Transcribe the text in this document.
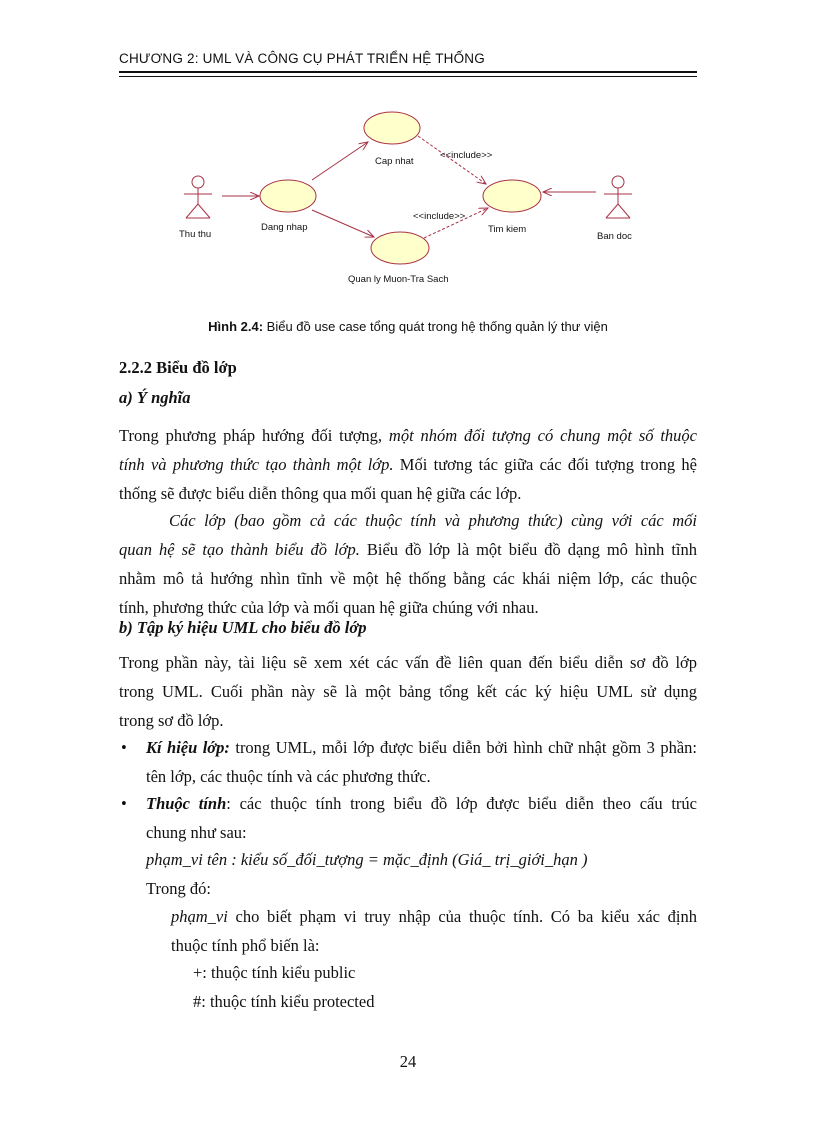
CHƯƠNG 2: UML VÀ CÔNG CỤ PHÁT TRIỂN HỆ THỐNG
Thu thu	Ban doc
Dang nhap
Cap nhat
Tim kiem
Quan ly Muon-Tra Sach
<<include>>
<<include>>
Hình 2.4: Biểu đồ use case tổng quát trong hệ thống quản lý thư viện
2.2.2 Biểu đồ lớp
a) Ý nghĩa
Trong phương pháp hướng đối tượng, một nhóm đối tượng có chung một số thuộc
tính và phương thức tạo thành một lớp. Mối tương tác giữa các đối tượng trong hệ
thống sẽ được biểu diễn thông qua mối quan hệ giữa các lớp.
Các lớp (bao gồm cả các thuộc tính và phương thức) cùng với các mối
quan hệ sẽ tạo thành biểu đồ lớp. Biểu đồ lớp là một biểu đồ dạng mô hình tĩnh
nhằm mô tả hướng nhìn tĩnh về một hệ thống bằng các khái niệm lớp, các thuộc
tính, phương thức của lớp và mối quan hệ giữa chúng với nhau.
b) Tập ký hiệu UML cho biểu đồ lớp
Trong phần này, tài liệu sẽ xem xét các vấn đề liên quan đến biểu diễn sơ đồ lớp
trong UML. Cuối phần này sẽ là một bảng tổng kết các ký hiệu UML sử dụng
trong sơ đồ lớp.
• Kí hiệu lớp: trong UML, mỗi lớp được biểu diễn bởi hình chữ nhật gồm 3 phần:
tên lớp, các thuộc tính và các phương thức.
• Thuộc tính: các thuộc tính trong biểu đồ lớp được biểu diễn theo cấu trúc
chung như sau:
phạm_vi tên : kiểu số_đối_tượng = mặc_định (Giá_ trị_giới_hạn )
Trong đó:
phạm_vi cho biết phạm vi truy nhập của thuộc tính. Có ba kiểu xác định
thuộc tính phổ biến là:
+: thuộc tính kiểu public
#: thuộc tính kiểu protected
24
